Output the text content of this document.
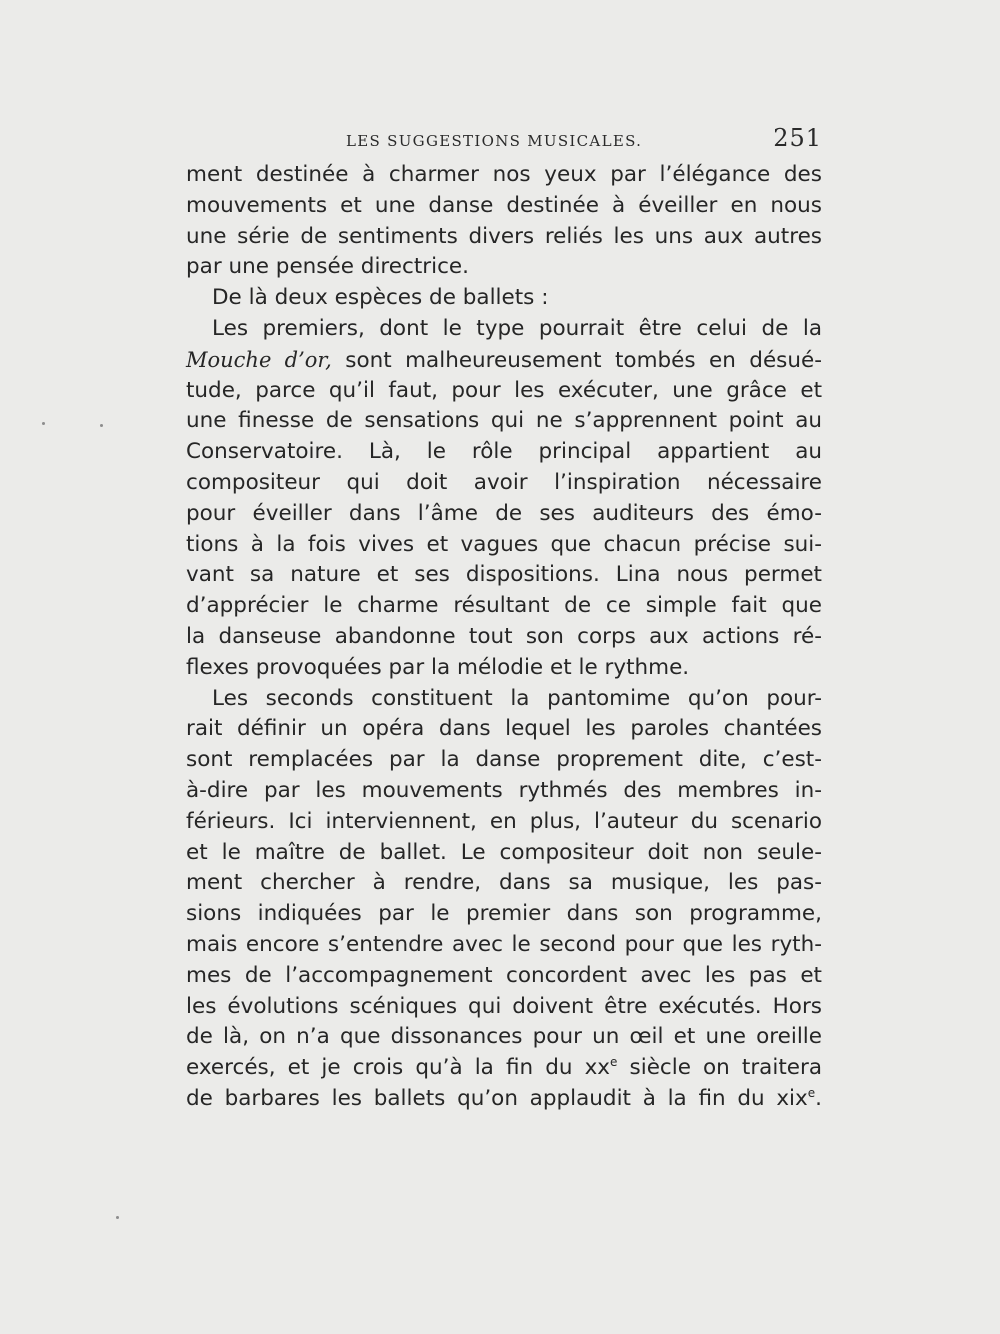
LES SUGGESTIONS MUSICALES.	251
ment destinée à charmer nos yeux par l’élégance des
mouvements et une danse destinée à éveiller en nous
une série de sentiments divers reliés les uns aux autres
par une pensée directrice.
De là deux espèces de ballets :
Les premiers, dont le type pourrait être celui de la
Mouche d’or, sont malheureusement tombés en désué-
tude, parce qu’il faut, pour les exécuter, une grâce et
une finesse de sensations qui ne s’apprennent point au
Conservatoire. Là, le rôle principal appartient au
compositeur qui doit avoir l’inspiration nécessaire
pour éveiller dans l’âme de ses auditeurs des émo-
tions à la fois vives et vagues que chacun précise sui-
vant sa nature et ses dispositions. Lina nous permet
d’apprécier le charme résultant de ce simple fait que
la danseuse abandonne tout son corps aux actions ré-
flexes provoquées par la mélodie et le rythme.
Les seconds constituent la pantomime qu’on pour-
rait définir un opéra dans lequel les paroles chantées
sont remplacées par la danse proprement dite, c’est-
à-dire par les mouvements rythmés des membres in-
férieurs. Ici interviennent, en plus, l’auteur du scenario
et le maître de ballet. Le compositeur doit non seule-
ment chercher à rendre, dans sa musique, les pas-
sions indiquées par le premier dans son programme,
mais encore s’entendre avec le second pour que les ryth-
mes de l’accompagnement concordent avec les pas et
les évolutions scéniques qui doivent être exécutés. Hors
de là, on n’a que dissonances pour un œil et une oreille
exercés, et je crois qu’à la fin du $xx^e$ siècle on traitera
de barbares les ballets qu’on applaudit à la fin du xix$^e$.
